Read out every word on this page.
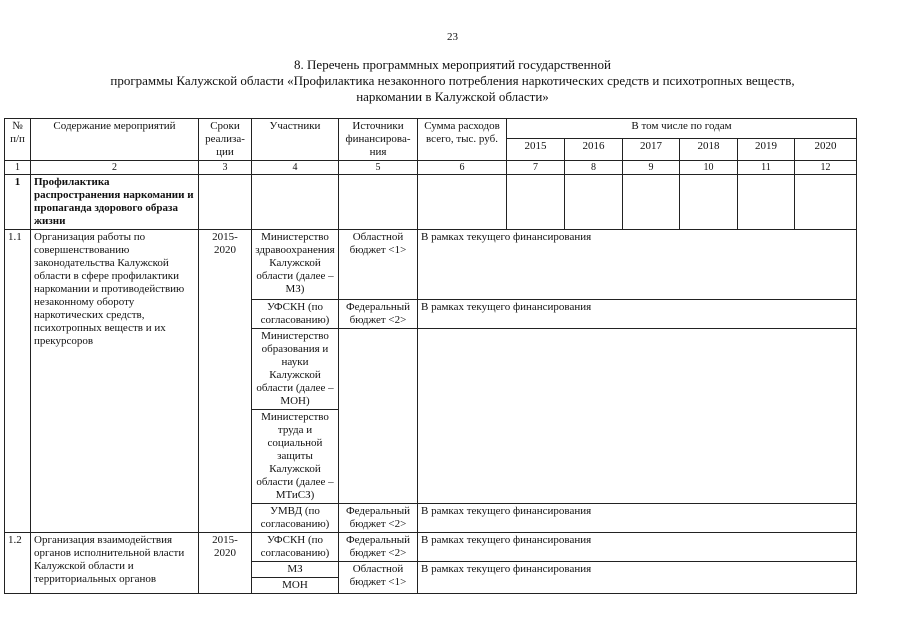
23
8. Перечень программных мероприятий государственной
программы Калужской области «Профилактика незаконного потребления наркотических средств и психотропных веществ,
наркомании в Калужской области»
№ п/п	Содержание мероприятий	Сроки реализа-ции	Участники	Источники финансирова-ния	Сумма расходов всего, тыс. руб.	В том числе по годам					
						2015	2016	2017	2018	2019	2020
1	2	3	4	5	6	7	8	9	10	11	12
1	Профилактика распространения наркомании и пропаганда здорового образа жизни										
1.1	Организация работы по совершенствованию законодательства Калужской области в сфере профилактики наркомании и противодействию незаконному обороту наркотических средств, психотропных веществ и их прекурсоров	2015-2020	Министерство здравоохранения Калужской области (далее – МЗ)	Областной бюджет <1>	В рамках текущего финансирования						
			УФСКН (по согласованию)	Федеральный бюджет <2>	В рамках текущего финансирования						
			Министерство образования и науки Калужской области (далее – МОН)								
			Министерство труда и социальной защиты Калужской области (далее – МТиСЗ)								
			УМВД (по согласованию)	Федеральный бюджет <2>	В рамках текущего финансирования						
1.2	Организация взаимодействия органов исполнительной власти Калужской области и территориальных органов	2015-2020	УФСКН (по согласованию)	Федеральный бюджет <2>	В рамках текущего финансирования						
			МЗ	Областной бюджет <1>	В рамках текущего финансирования						
			МОН								
